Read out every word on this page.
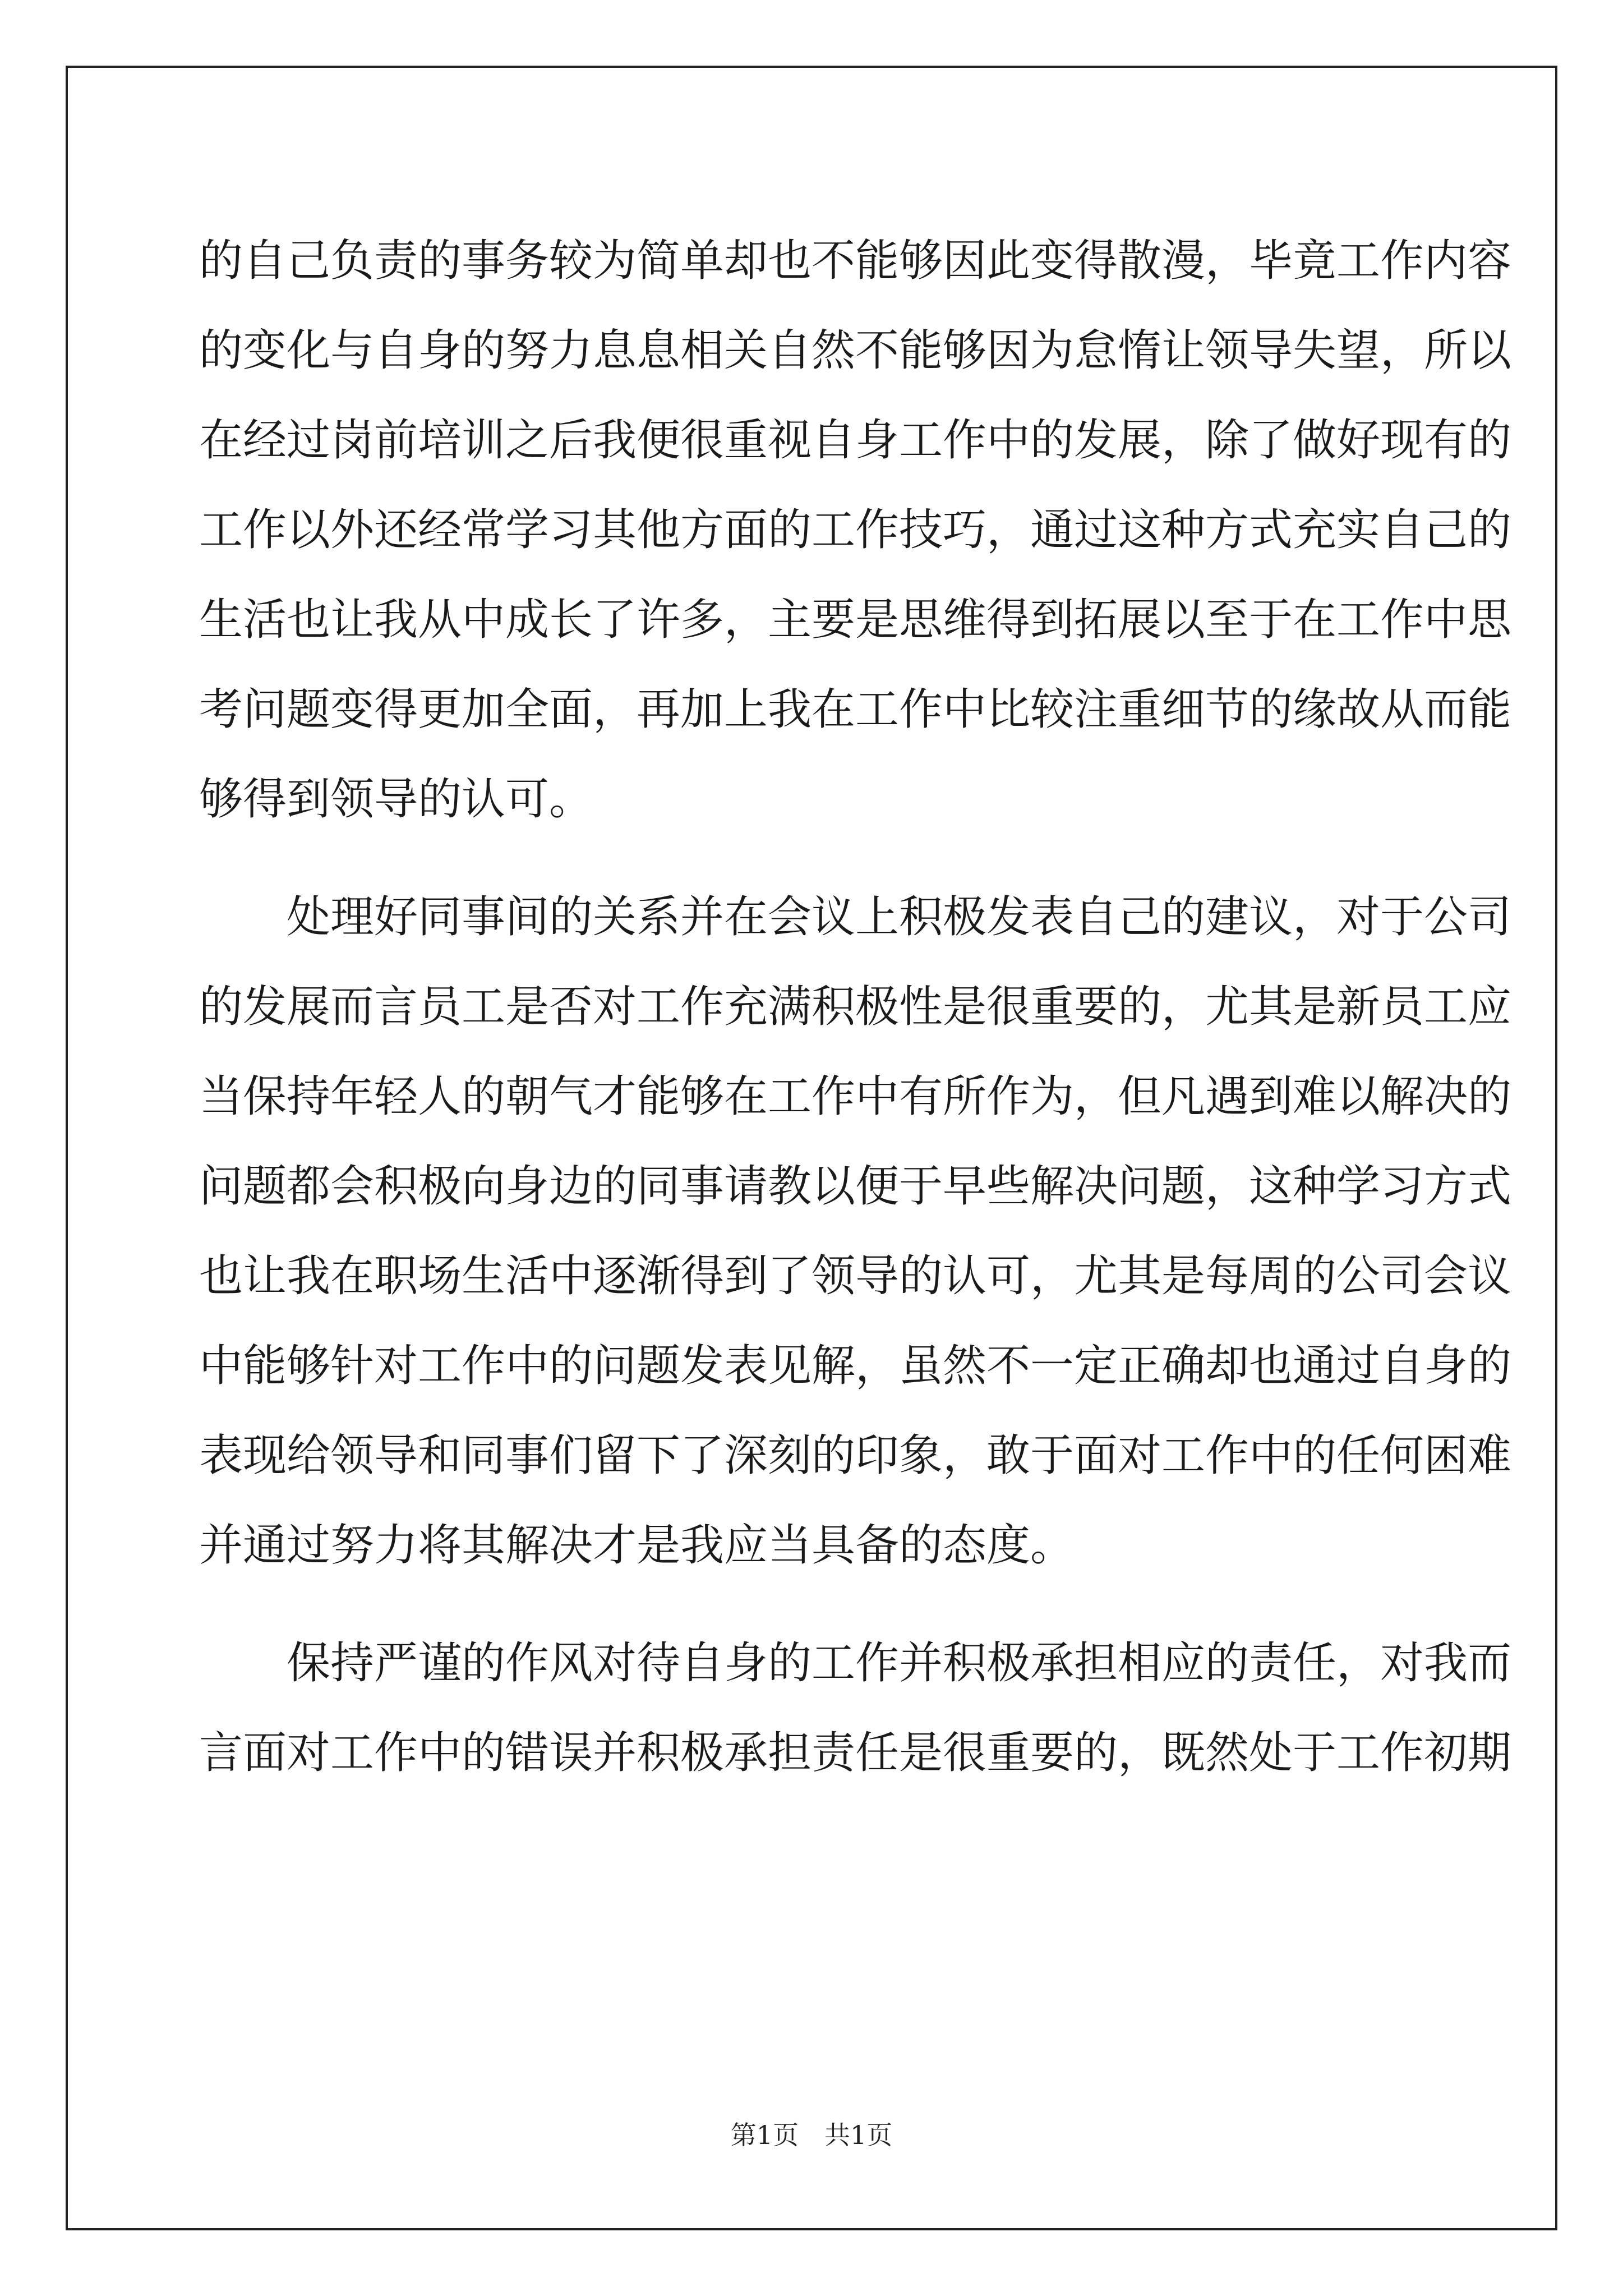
的自己负责的事务较为简单却也不能够因此变得散漫，毕竟工作内容
的变化与自身的努力息息相关自然不能够因为怠惰让领导失望，所以
在经过岗前培训之后我便很重视自身工作中的发展，除了做好现有的
工作以外还经常学习其他方面的工作技巧，通过这种方式充实自己的
生活也让我从中成长了许多，主要是思维得到拓展以至于在工作中思
考问题变得更加全面，再加上我在工作中比较注重细节的缘故从而能
够得到领导的认可。
　　处理好同事间的关系并在会议上积极发表自己的建议，对于公司
的发展而言员工是否对工作充满积极性是很重要的，尤其是新员工应
当保持年轻人的朝气才能够在工作中有所作为，但凡遇到难以解决的
问题都会积极向身边的同事请教以便于早些解决问题，这种学习方式
也让我在职场生活中逐渐得到了领导的认可，尤其是每周的公司会议
中能够针对工作中的问题发表见解，虽然不一定正确却也通过自身的
表现给领导和同事们留下了深刻的印象，敢于面对工作中的任何困难
并通过努力将其解决才是我应当具备的态度。
　　保持严谨的作风对待自身的工作并积极承担相应的责任，对我而
言面对工作中的错误并积极承担责任是很重要的，既然处于工作初期
第1页　共1页
